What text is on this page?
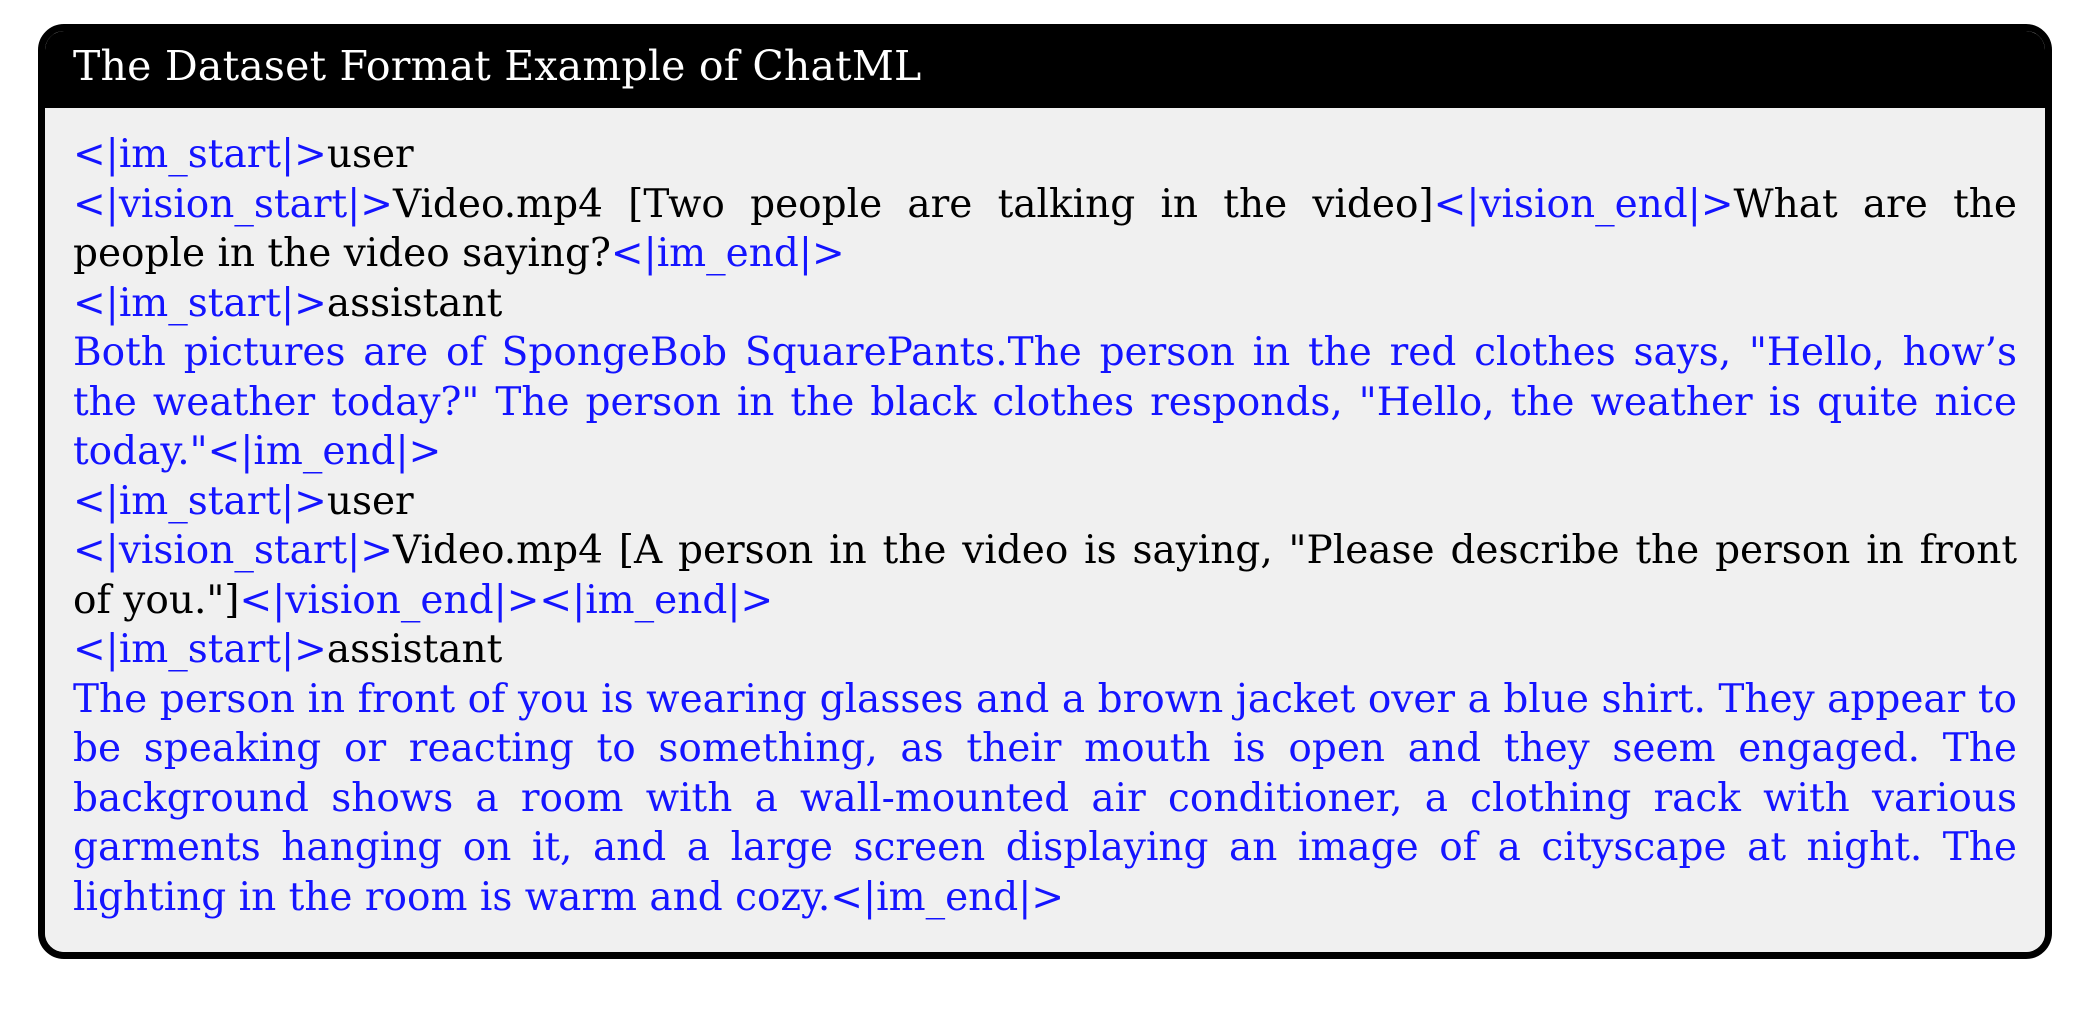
The Dataset Format Example of ChatML

<|im_start|>user

<|vision_start|>Video.mp4 [Two people are talking in the video]<|vision_end|>What are the people in the video saying?<|im_end|>

<|im_start|>assistant

Both pictures are of SpongeBob SquarePants.The person in the red clothes says, "Hello, how’s the weather today?" The person in the black clothes responds, "Hello, the weather is quite nice today."<|im_end|>

<|im_start|>user

<|vision_start|>Video.mp4 [A person in the video is saying, "Please describe the person in front of you."]<|vision_end|><|im_end|>

<|im_start|>assistant

The person in front of you is wearing glasses and a brown jacket over a blue shirt. They appear to be speaking or reacting to something, as their mouth is open and they seem engaged. The background shows a room with a wall-mounted air conditioner, a clothing rack with various garments hanging on it, and a large screen displaying an image of a cityscape at night. The lighting in the room is warm and cozy.<|im_end|>
